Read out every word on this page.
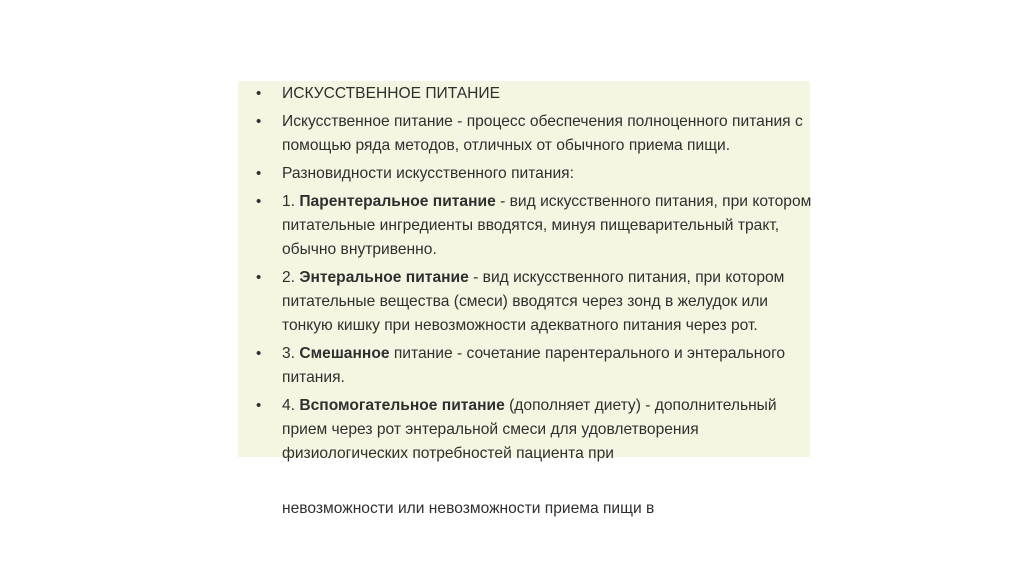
• ИСКУССТВЕННОЕ ПИТАНИЕ
• Искусственное питание - процесс обеспечения полноценного питания с помощью ряда методов, отличных от обычного приема пищи.
• Разновидности искусственного питания:
• 1. Парентеральное питание - вид искусственного питания, при котором питательные ингредиенты вводятся, минуя пищеварительный тракт, обычно внутривенно.
• 2. Энтеральное питание - вид искусственного питания, при котором питательные вещества (смеси) вводятся через зонд в желудок или тонкую кишку при невозможности адекватного питания через рот.
• 3. Смешанное питание - сочетание парентерального и энтерального питания.
• 4. Вспомогательное питание (дополняет диету) - дополнительный прием через рот энтеральной смеси для удовлетворения физиологических потребностей пациента при
невозможности или невозможности приема пищи в
